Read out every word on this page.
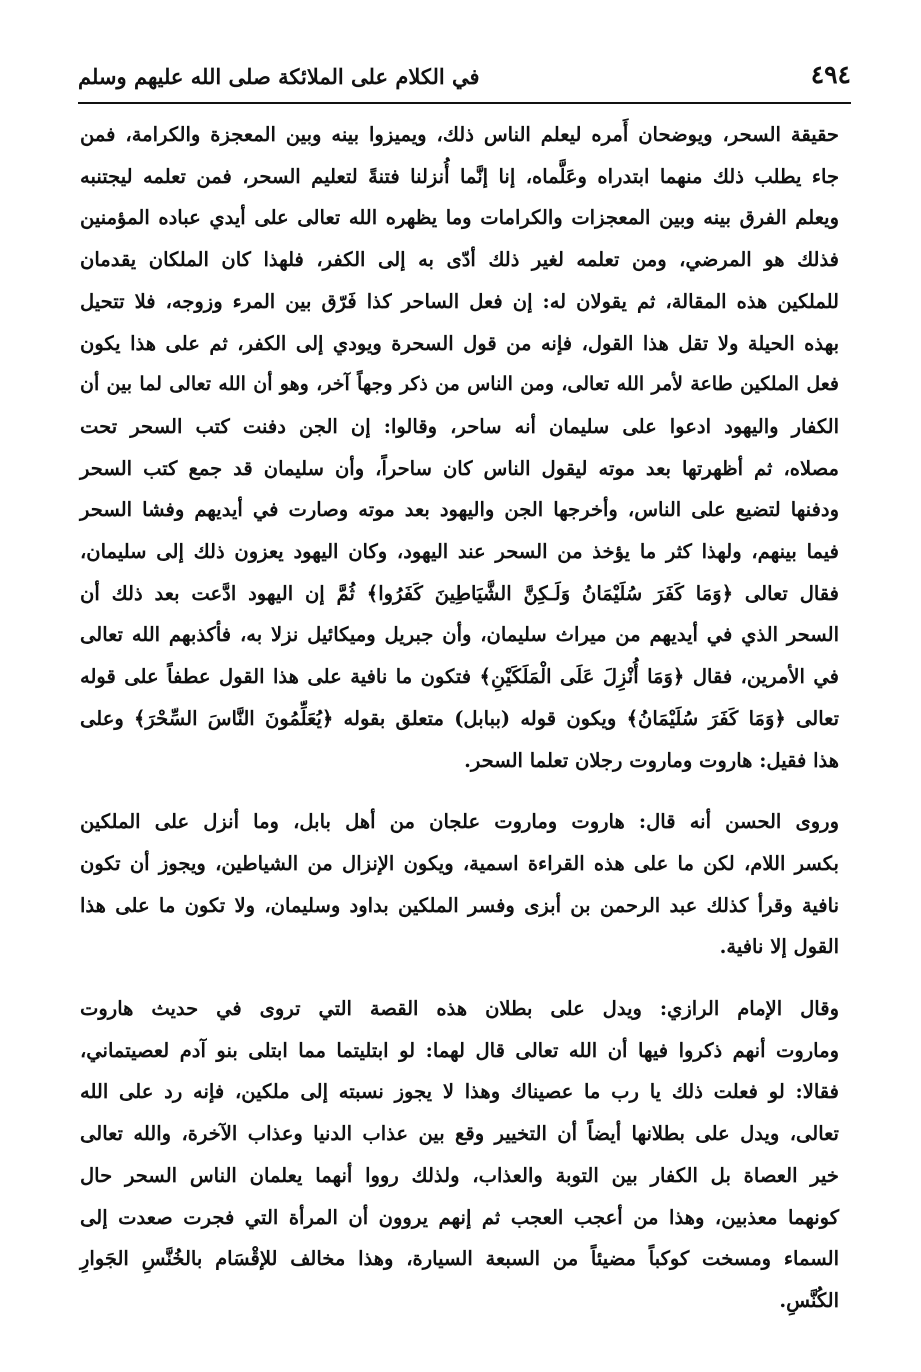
٤٩٤
في الكلام على الملائكة صلى الله عليهم وسلم

حقيقة السحر، ويوضحان أَمره ليعلم الناس ذلك، ويميزوا بينه وبين المعجزة والكرامة، فمن
جاء يطلب ذلك منهما ابتدراه وعَلَّماه، إنا إنَّما أُنزلنا فتنةً لتعليم السحر، فمن تعلمه ليجتنبه
ويعلم الفرق بينه وبين المعجزات والكرامات وما يظهره الله تعالى على أيدي عباده المؤمنين
فذلك هو المرضي، ومن تعلمه لغير ذلك أدّى به إلى الكفر، فلهذا كان الملكان يقدمان
للملكين هذه المقالة، ثم يقولان له: إن فعل الساحر كذا فَرّق بين المرء وزوجه، فلا تتحيل
بهذه الحيلة ولا تقل هذا القول، فإنه من قول السحرة ويودي إلى الكفر، ثم على هذا يكون
فعل الملكين طاعة لأمر الله تعالى، ومن الناس من ذكر وجهاً آخر، وهو أن الله تعالى لما بين أن
الكفار واليهود ادعوا على سليمان أنه ساحر، وقالوا: إن الجن دفنت كتب السحر تحت
مصلاه، ثم أظهرتها بعد موته ليقول الناس كان ساحراً، وأن سليمان قد جمع كتب السحر
ودفنها لتضيع على الناس، وأخرجها الجن واليهود بعد موته وصارت في أيديهم وفشا السحر
فيما بينهم، ولهذا كثر ما يؤخذ من السحر عند اليهود، وكان اليهود يعزون ذلك إلى سليمان،
فقال تعالى ﴿وَمَا كَفَرَ سُلَيْمَانُ وَلَـكِنَّ الشَّيَاطِينَ كَفَرُوا﴾ ثُمَّ إن اليهود ادَّعت بعد ذلك أن
السحر الذي في أيديهم من ميراث سليمان، وأن جبريل وميكائيل نزلا به، فأكذبهم الله تعالى
في الأمرين، فقال ﴿وَمَا أُنْزِلَ عَلَى الْمَلَكَيْنِ﴾ فتكون ما نافية على هذا القول عطفاً على قوله
تعالى ﴿وَمَا كَفَرَ سُلَيْمَانُ﴾ ويكون قوله (ببابل) متعلق بقوله ﴿يُعَلِّمُونَ النَّاسَ السِّحْرَ﴾ وعلى
هذا فقيل: هاروت وماروت رجلان تعلما السحر.

وروى الحسن أنه قال: هاروت وماروت علجان من أهل بابل، وما أنزل على الملكين
بكسر اللام، لكن ما على هذه القراءة اسمية، ويكون الإنزال من الشياطين، ويجوز أن تكون
نافية وقرأ كذلك عبد الرحمن بن أبزى وفسر الملكين بداود وسليمان، ولا تكون ما على هذا
القول إلا نافية.

وقال الإمام الرازي: ويدل على بطلان هذه القصة التي تروى في حديث هاروت
وماروت أنهم ذكروا فيها أن الله تعالى قال لهما: لو ابتليتما مما ابتلى بنو آدم لعصيتماني،
فقالا: لو فعلت ذلك يا رب ما عصيناك وهذا لا يجوز نسبته إلى ملكين، فإنه رد على الله
تعالى، ويدل على بطلانها أيضاً أن التخيير وقع بين عذاب الدنيا وعذاب الآخرة، والله تعالى
خير العصاة بل الكفار بين التوبة والعذاب، ولذلك رووا أنهما يعلمان الناس السحر حال
كونهما معذبين، وهذا من أعجب العجب ثم إنهم يروون أن المرأة التي فجرت صعدت إلى
السماء ومسخت كوكباً مضيئاً من السبعة السيارة، وهذا مخالف للإقْسَام بالخُنَّسِ الجَوارِ
الكُنَّسِ.
